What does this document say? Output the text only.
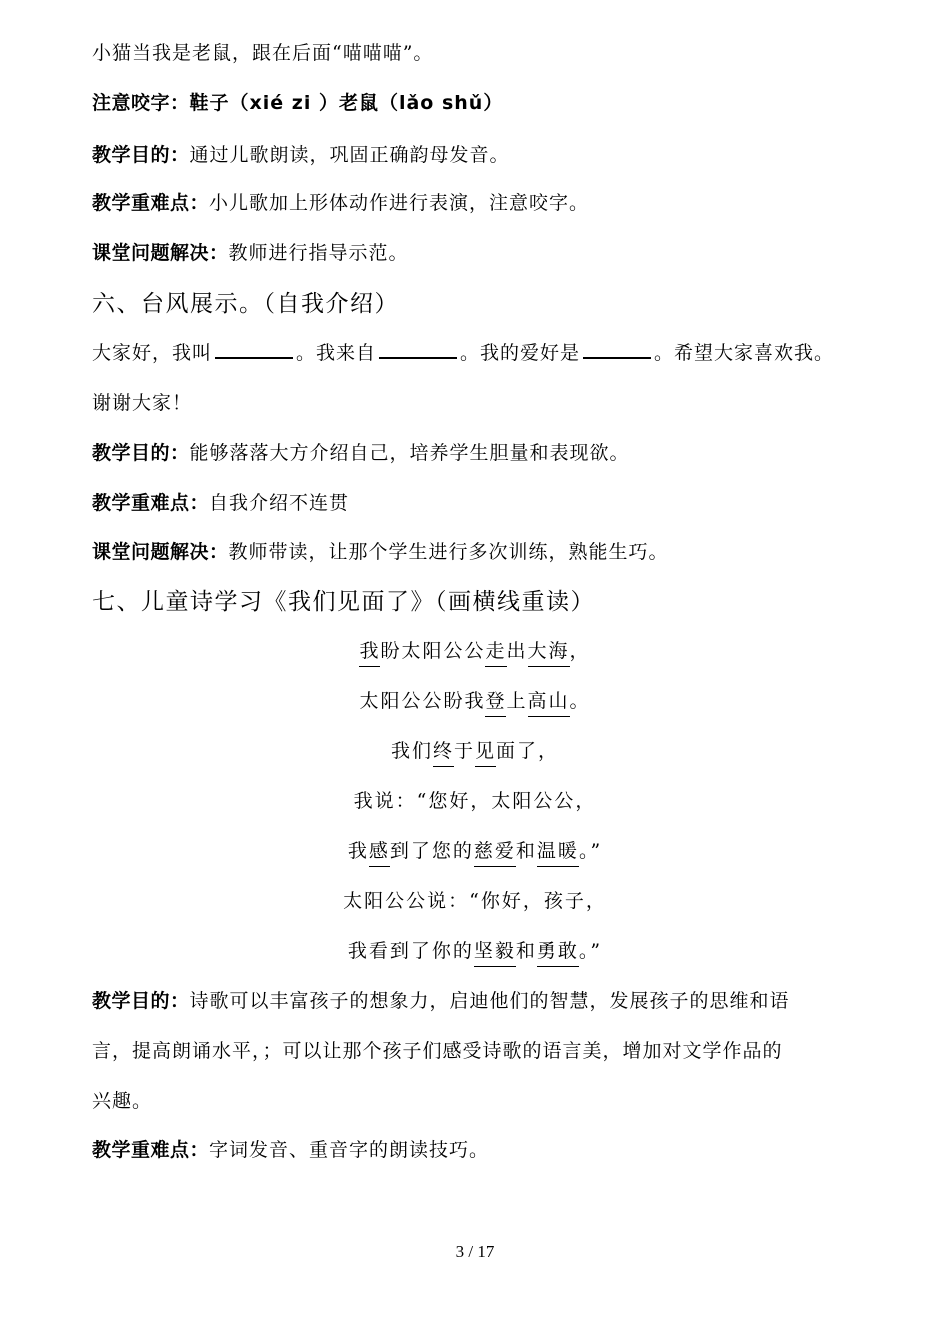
小猫当我是老鼠，跟在后面“喵喵喵”。
注意咬字：鞋子（xié zi ）老鼠（lǎo shǔ）
教学目的：通过儿歌朗读，巩固正确韵母发音。
教学重难点：小儿歌加上形体动作进行表演，注意咬字。
课堂问题解决：教师进行指导示范。
六、台风展示。（自我介绍）
大家好，我叫	。我来自	。我的爱好是	。希望大家喜欢我。
谢谢大家！
教学目的：能够落落大方介绍自己，培养学生胆量和表现欲。
教学重难点：自我介绍不连贯
课堂问题解决：教师带读，让那个学生进行多次训练，熟能生巧。
七、儿童诗学习《我们见面了》（画横线重读）
我盼太阳公公走出大海，
太阳公公盼我登上高山。
我们终于见面了，
我说：“您好，太阳公公，
我感到了您的慈爱和温暖。”
太阳公公说：“你好，孩子，
我看到了你的坚毅和勇敢。”
教学目的：诗歌可以丰富孩子的想象力，启迪他们的智慧，发展孩子的思维和语
言，提高朗诵水平，；可以让那个孩子们感受诗歌的语言美，增加对文学作品的
兴趣。
教学重难点：字词发音、重音字的朗读技巧。
3 / 17
